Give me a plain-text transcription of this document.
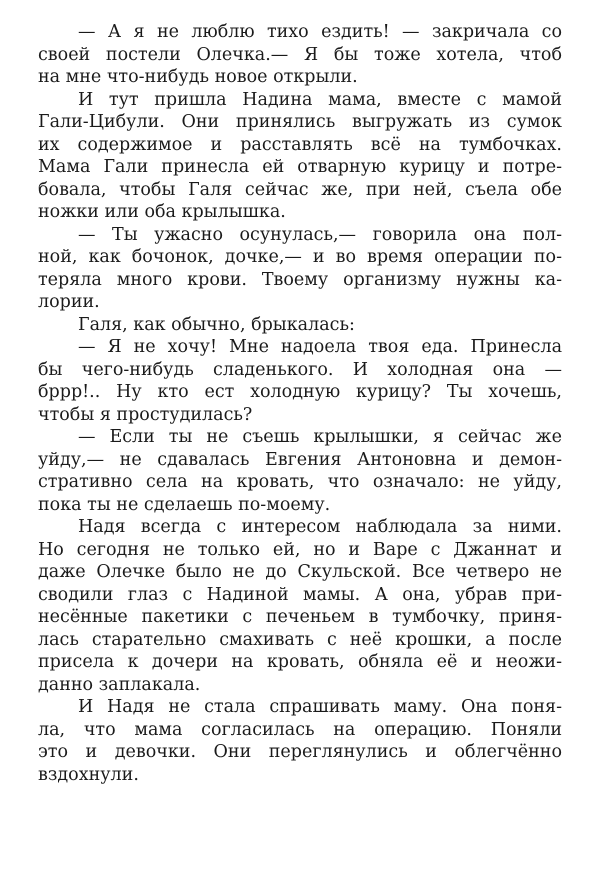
— А я не люблю тихо ездить! — закричала со
своей постели Олечка.— Я бы тоже хотела, чтоб
на мне что-нибудь новое открыли.
И тут пришла Надина мама, вместе с мамой
Гали-Цибули. Они принялись выгружать из сумок
их содержимое и расставлять всё на тумбочках.
Мама Гали принесла ей отварную курицу и потре-
бовала, чтобы Галя сейчас же, при ней, съела обе
ножки или оба крылышка.
— Ты ужасно осунулась,— говорила она пол-
ной, как бочонок, дочке,— и во время операции по-
теряла много крови. Твоему организму нужны ка-
лории.
Галя, как обычно, брыкалась:
— Я не хочу! Мне надоела твоя еда. Принесла
бы чего-нибудь сладенького. И холодная она —
бррр!.. Ну кто ест холодную курицу? Ты хочешь,
чтобы я простудилась?
— Если ты не съешь крылышки, я сейчас же
уйду,— не сдавалась Евгения Антоновна и демон-
стративно села на кровать, что означало: не уйду,
пока ты не сделаешь по-моему.
Надя всегда с интересом наблюдала за ними.
Но сегодня не только ей, но и Варе с Джаннат и
даже Олечке было не до Скульской. Все четверо не
сводили глаз с Надиной мамы. А она, убрав при-
несённые пакетики с печеньем в тумбочку, приня-
лась старательно смахивать с неё крошки, а после
присела к дочери на кровать, обняла её и неожи-
данно заплакала.
И Надя не стала спрашивать маму. Она поня-
ла, что мама согласилась на операцию. Поняли
это и девочки. Они переглянулись и облегчённо
вздохнули.
